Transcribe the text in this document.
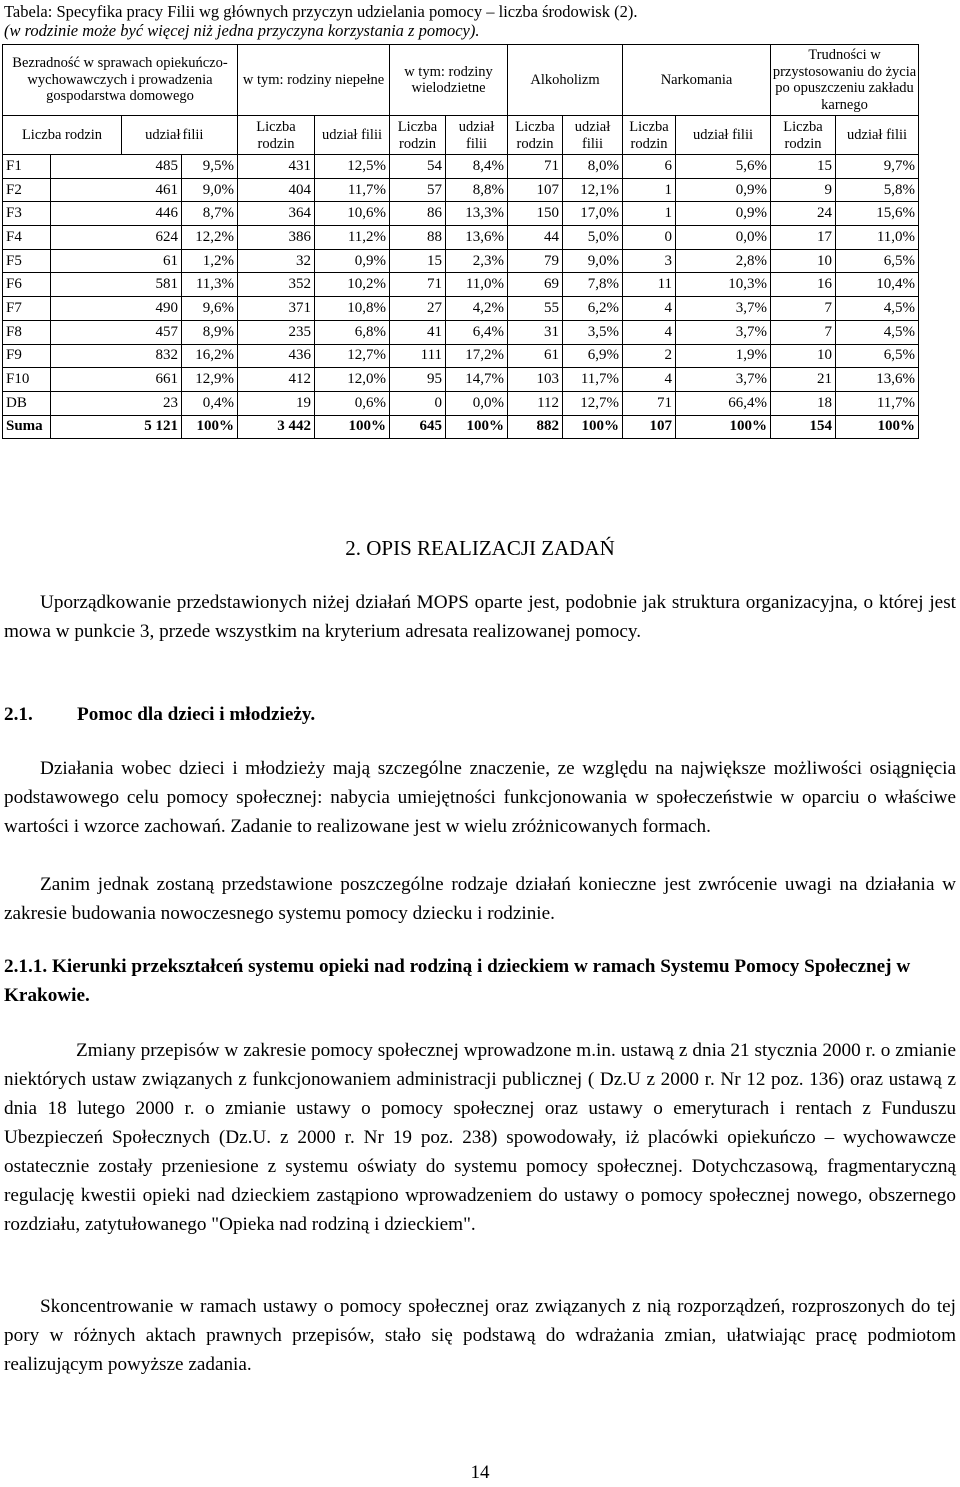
Tabela: Specyfika pracy Filii wg głównych przyczyn udzielania pomocy – liczba środowisk (2).
(w rodzinie może być więcej niż jedna przyczyna korzystania z pomocy).
Bezradność w sprawach opiekuńczo-wychowawczych i prowadzenia gospodarstwa domowego				w tym: rodziny niepełne		w tym: rodziny wielodzietne		Alkoholizm		Narkomania		Trudności w przystosowaniu do życia po opuszczeniu zakładu karnego	
Liczba rodzin		udział	filii	Liczba rodzin	udział filii	Liczba rodzin	udział filii	Liczba rodzin	udział filii	Liczba rodzin	udział filii	Liczba rodzin	udział filii
F1	485		9,5%	431	12,5%	54	8,4%	71	8,0%	6	5,6%	15	9,7%
F2	461		9,0%	404	11,7%	57	8,8%	107	12,1%	1	0,9%	9	5,8%
F3	446		8,7%	364	10,6%	86	13,3%	150	17,0%	1	0,9%	24	15,6%
F4	624		12,2%	386	11,2%	88	13,6%	44	5,0%	0	0,0%	17	11,0%
F5	61		1,2%	32	0,9%	15	2,3%	79	9,0%	3	2,8%	10	6,5%
F6	581		11,3%	352	10,2%	71	11,0%	69	7,8%	11	10,3%	16	10,4%
F7	490		9,6%	371	10,8%	27	4,2%	55	6,2%	4	3,7%	7	4,5%
F8	457		8,9%	235	6,8%	41	6,4%	31	3,5%	4	3,7%	7	4,5%
F9	832		16,2%	436	12,7%	111	17,2%	61	6,9%	2	1,9%	10	6,5%
F10	661		12,9%	412	12,0%	95	14,7%	103	11,7%	4	3,7%	21	13,6%
DB	23		0,4%	19	0,6%	0	0,0%	112	12,7%	71	66,4%	18	11,7%
Suma	5 121		100%	3 442	100%	645	100%	882	100%	107	100%	154	100%
2. OPIS REALIZACJI ZADAŃ
Uporządkowanie przedstawionych niżej działań MOPS oparte jest, podobnie jak struktura organizacyjna, o której jest mowa w punkcie 3, przede wszystkim na kryterium adresata realizowanej pomocy.
2.1. Pomoc dla dzieci i młodzieży.
Działania wobec dzieci i młodzieży mają szczególne znaczenie, ze względu na największe możliwości osiągnięcia podstawowego celu pomocy społecznej: nabycia umiejętności funkcjonowania w społeczeństwie w oparciu o właściwe wartości i wzorce zachowań. Zadanie to realizowane jest w wielu zróżnicowanych formach.
Zanim jednak zostaną przedstawione poszczególne rodzaje działań konieczne jest zwrócenie uwagi na działania w zakresie budowania nowoczesnego systemu pomocy dziecku i rodzinie.
2.1.1. Kierunki przekształceń systemu opieki nad rodziną i dzieckiem w ramach Systemu Pomocy Społecznej w Krakowie.
Zmiany przepisów w zakresie pomocy społecznej wprowadzone m.in. ustawą z dnia 21 stycznia 2000 r. o zmianie niektórych ustaw związanych z funkcjonowaniem administracji publicznej ( Dz.U z 2000 r. Nr 12 poz. 136) oraz ustawą z dnia 18 lutego 2000 r. o zmianie ustawy o pomocy społecznej oraz ustawy o emeryturach i rentach z Funduszu Ubezpieczeń Społecznych (Dz.U. z 2000 r. Nr 19 poz. 238) spowodowały, iż placówki opiekuńczo – wychowawcze ostatecznie zostały przeniesione z systemu oświaty do systemu pomocy społecznej. Dotychczasową, fragmentaryczną regulację kwestii opieki nad dzieckiem zastąpiono wprowadzeniem do ustawy o pomocy społecznej nowego, obszernego rozdziału, zatytułowanego "Opieka nad rodziną i dzieckiem".
Skoncentrowanie w ramach ustawy o pomocy społecznej oraz związanych z nią rozporządzeń, rozproszonych do tej pory w różnych aktach prawnych przepisów, stało się podstawą do wdrażania zmian, ułatwiając pracę podmiotom realizującym powyższe zadania.
14
